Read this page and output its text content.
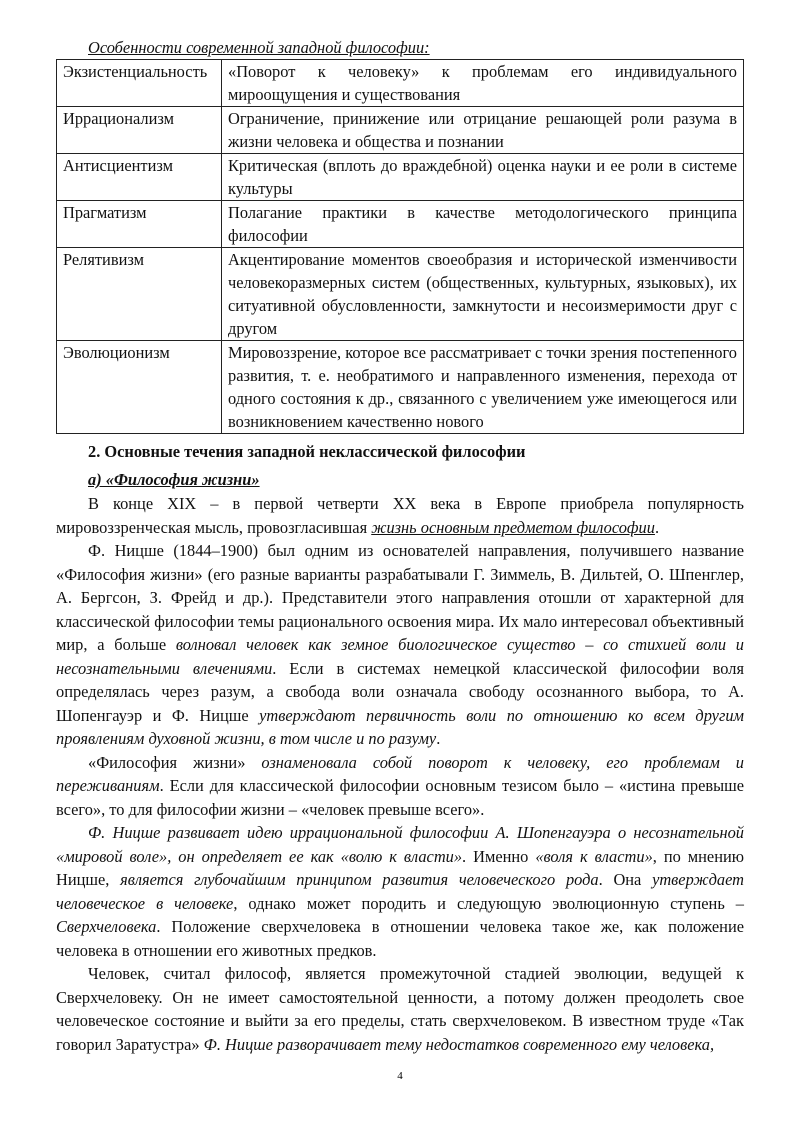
Особенности современной западной философии:
Экзистенциальность	«Поворот к человеку» к проблемам его индивидуального мироощущения и существования
Иррационализм	Ограничение, принижение или отрицание решающей роли разума в жизни человека и общества и познании
Антисциентизм	Критическая (вплоть до враждебной) оценка науки и ее роли в системе культуры
Прагматизм	Полагание практики в качестве методологического принципа философии
Релятивизм	Акцентирование моментов своеобразия и исторической изменчивости человекоразмерных систем (общественных, культурных, языковых), их ситуативной обусловленности, замкнутости и несоизмеримости друг с другом
Эволюционизм	Мировоззрение, которое все рассматривает с точки зрения постепенного развития, т. е. необратимого и направленного изменения, перехода от одного состояния к др., связанного с увеличением уже имеющегося или возникновением качественно нового
2. Основные течения западной неклассической философии
а) «Философия жизни»

В конце XIX – в первой четверти XX века в Европе приобрела популярность мировоззренческая мысль, провозгласившая жизнь основным предметом философии.

Ф. Ницше (1844–1900) был одним из основателей направления, получившего название «Философия жизни» (его разные варианты разрабатывали Г. Зиммель, В. Дильтей, О. Шпенглер, А. Бергсон, З. Фрейд и др.). Представители этого направления отошли от характерной для классической философии темы рационального освоения мира. Их мало интересовал объективный мир, а больше волновал человек как земное биологическое существо – со стихией воли и несознательными влечениями. Если в системах немецкой классической философии воля определялась через разум, а свобода воли означала свободу осознанного выбора, то А. Шопенгауэр и Ф. Ницше утверждают первичность воли по отношению ко всем другим проявлениям духовной жизни, в том числе и по разуму.

«Философия жизни» ознаменовала собой поворот к человеку, его проблемам и переживаниям. Если для классической философии основным тезисом было – «истина превыше всего», то для философии жизни – «человек превыше всего».

Ф. Ницше развивает идею иррациональной философии А. Шопенгауэра о несознательной «мировой воле», он определяет ее как «волю к власти». Именно «воля к власти», по мнению Ницше, является глубочайшим принципом развития человеческого рода. Она утверждает человеческое в человеке, однако может породить и следующую эволюционную ступень – Сверхчеловека. Положение сверхчеловека в отношении человека такое же, как положение человека в отношении его животных предков.

Человек, считал философ, является промежуточной стадией эволюции, ведущей к Сверхчеловеку. Он не имеет самостоятельной ценности, а потому должен преодолеть свое человеческое состояние и выйти за его пределы, стать сверхчеловеком. В известном труде «Так говорил Заратустра» Ф. Ницше разворачивает тему недостатков современного ему человека,

4
